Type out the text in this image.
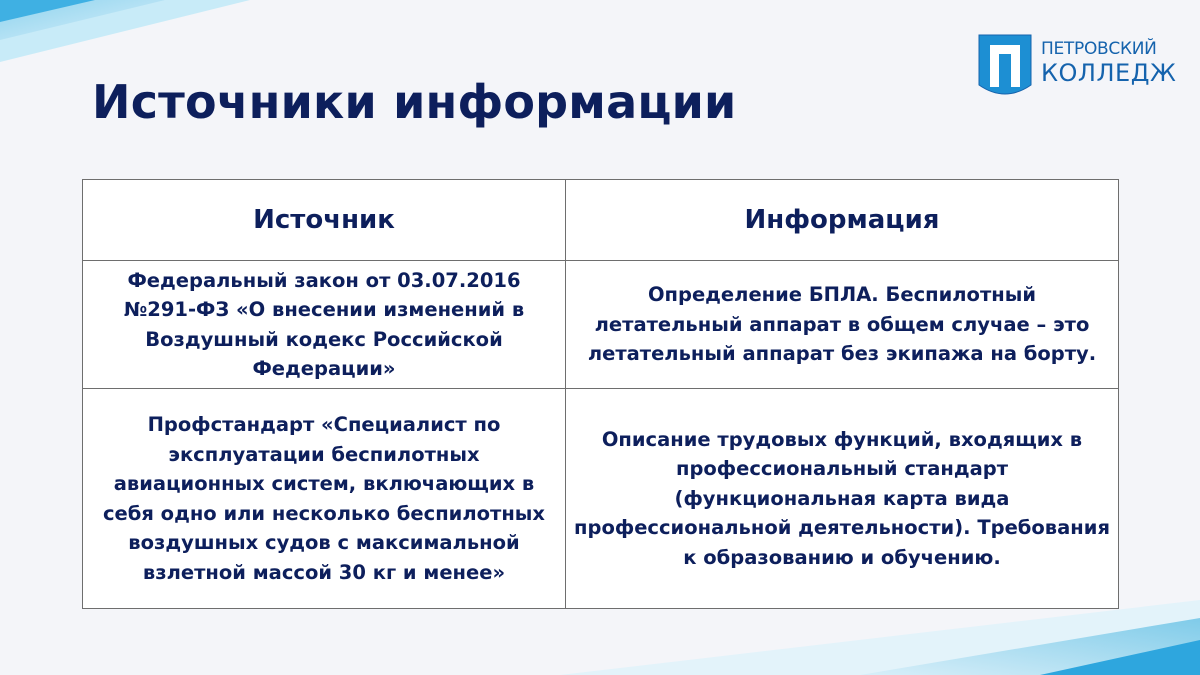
ПЕТРОВСКИЙ
КОЛЛЕДЖ
Источники информации
Источник	Информация
Федеральный закон от 03.07.2016 №291-ФЗ «О внесении изменений в Воздушный кодекс Российской Федерации»	Определение БПЛА. Беспилотный летательный аппарат в общем случае – это летательный аппарат без экипажа на борту.
Профстандарт «Специалист по эксплуатации беспилотных авиационных систем, включающих в себя одно или несколько беспилотных воздушных судов с максимальной взлетной массой 30 кг и менее»	Описание трудовых функций, входящих в профессиональный стандарт (функциональная карта вида профессиональной деятельности). Требования к образованию и обучению.
